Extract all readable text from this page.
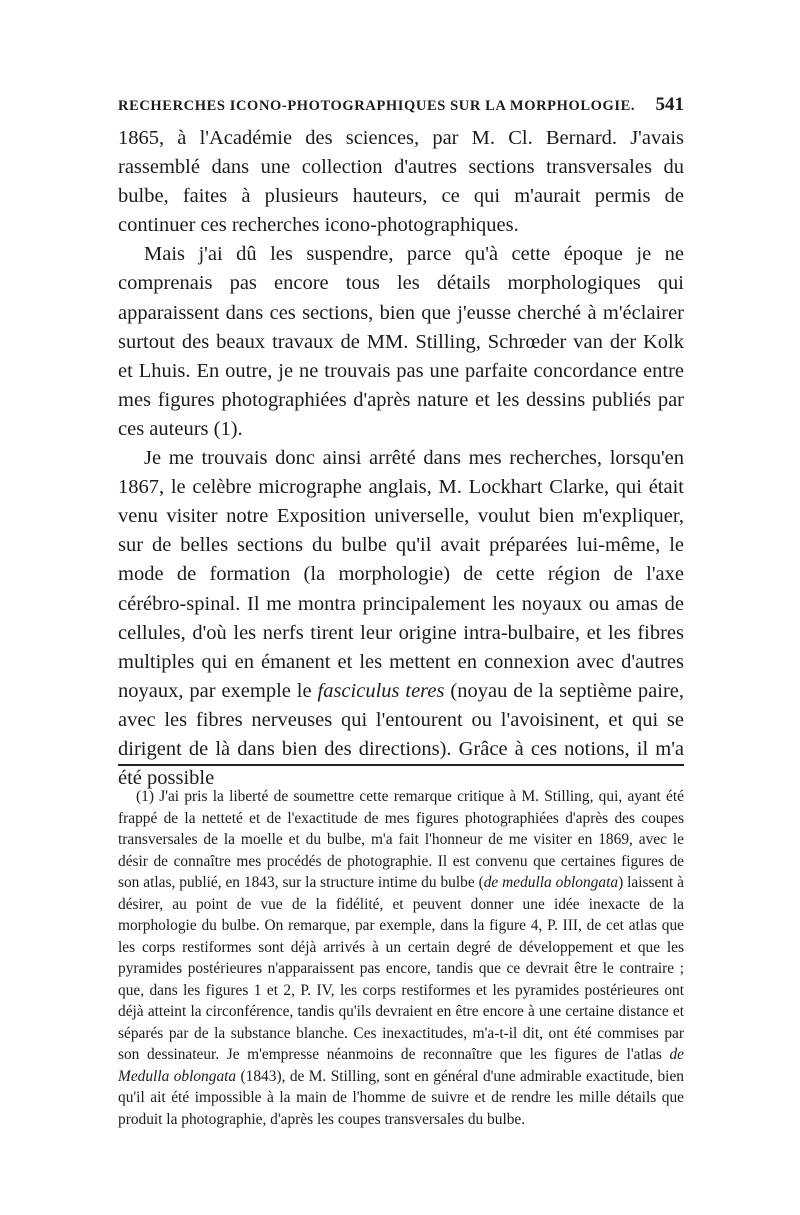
RECHERCHES ICONO-PHOTOGRAPHIQUES SUR LA MORPHOLOGIE. 541

1865, à l'Académie des sciences, par M. Cl. Bernard. J'avais rassemblé dans une collection d'autres sections transversales du bulbe, faites à plusieurs hauteurs, ce qui m'aurait permis de continuer ces recherches icono-photographiques.

Mais j'ai dû les suspendre, parce qu'à cette époque je ne comprenais pas encore tous les détails morphologiques qui apparaissent dans ces sections, bien que j'eusse cherché à m'éclairer surtout des beaux travaux de MM. Stilling, Schrœder van der Kolk et Lhuis. En outre, je ne trouvais pas une parfaite concordance entre mes figures photographiées d'après nature et les dessins publiés par ces auteurs (1).

Je me trouvais donc ainsi arrêté dans mes recherches, lorsqu'en 1867, le celèbre micrographe anglais, M. Lockhart Clarke, qui était venu visiter notre Exposition universelle, voulut bien m'expliquer, sur de belles sections du bulbe qu'il avait préparées lui-même, le mode de formation (la morphologie) de cette région de l'axe cérébro-spinal. Il me montra principalement les noyaux ou amas de cellules, d'où les nerfs tirent leur origine intra-bulbaire, et les fibres multiples qui en émanent et les mettent en connexion avec d'autres noyaux, par exemple le fasciculus teres (noyau de la septième paire, avec les fibres nerveuses qui l'entourent ou l'avoisinent, et qui se dirigent de là dans bien des directions). Grâce à ces notions, il m'a été possible

(1) J'ai pris la liberté de soumettre cette remarque critique à M. Stilling, qui, ayant été frappé de la netteté et de l'exactitude de mes figures photographiées d'après des coupes transversales de la moelle et du bulbe, m'a fait l'honneur de me visiter en 1869, avec le désir de connaître mes procédés de photographie. Il est convenu que certaines figures de son atlas, publié, en 1843, sur la structure intime du bulbe (de medulla oblongata) laissent à désirer, au point de vue de la fidélité, et peuvent donner une idée inexacte de la morphologie du bulbe. On remarque, par exemple, dans la figure 4, P. III, de cet atlas que les corps restiformes sont déjà arrivés à un certain degré de développement et que les pyramides postérieures n'apparaissent pas encore, tandis que ce devrait être le contraire ; que, dans les figures 1 et 2, P. IV, les corps restiformes et les pyramides postérieures ont déjà atteint la circonférence, tandis qu'ils devraient en être encore à une certaine distance et séparés par de la substance blanche. Ces inexactitudes, m'a-t-il dit, ont été commises par son dessinateur. Je m'empresse néanmoins de reconnaître que les figures de l'atlas de Medulla oblongata (1843), de M. Stilling, sont en général d'une admirable exactitude, bien qu'il ait été impossible à la main de l'homme de suivre et de rendre les mille détails que produit la photographie, d'après les coupes transversales du bulbe.
